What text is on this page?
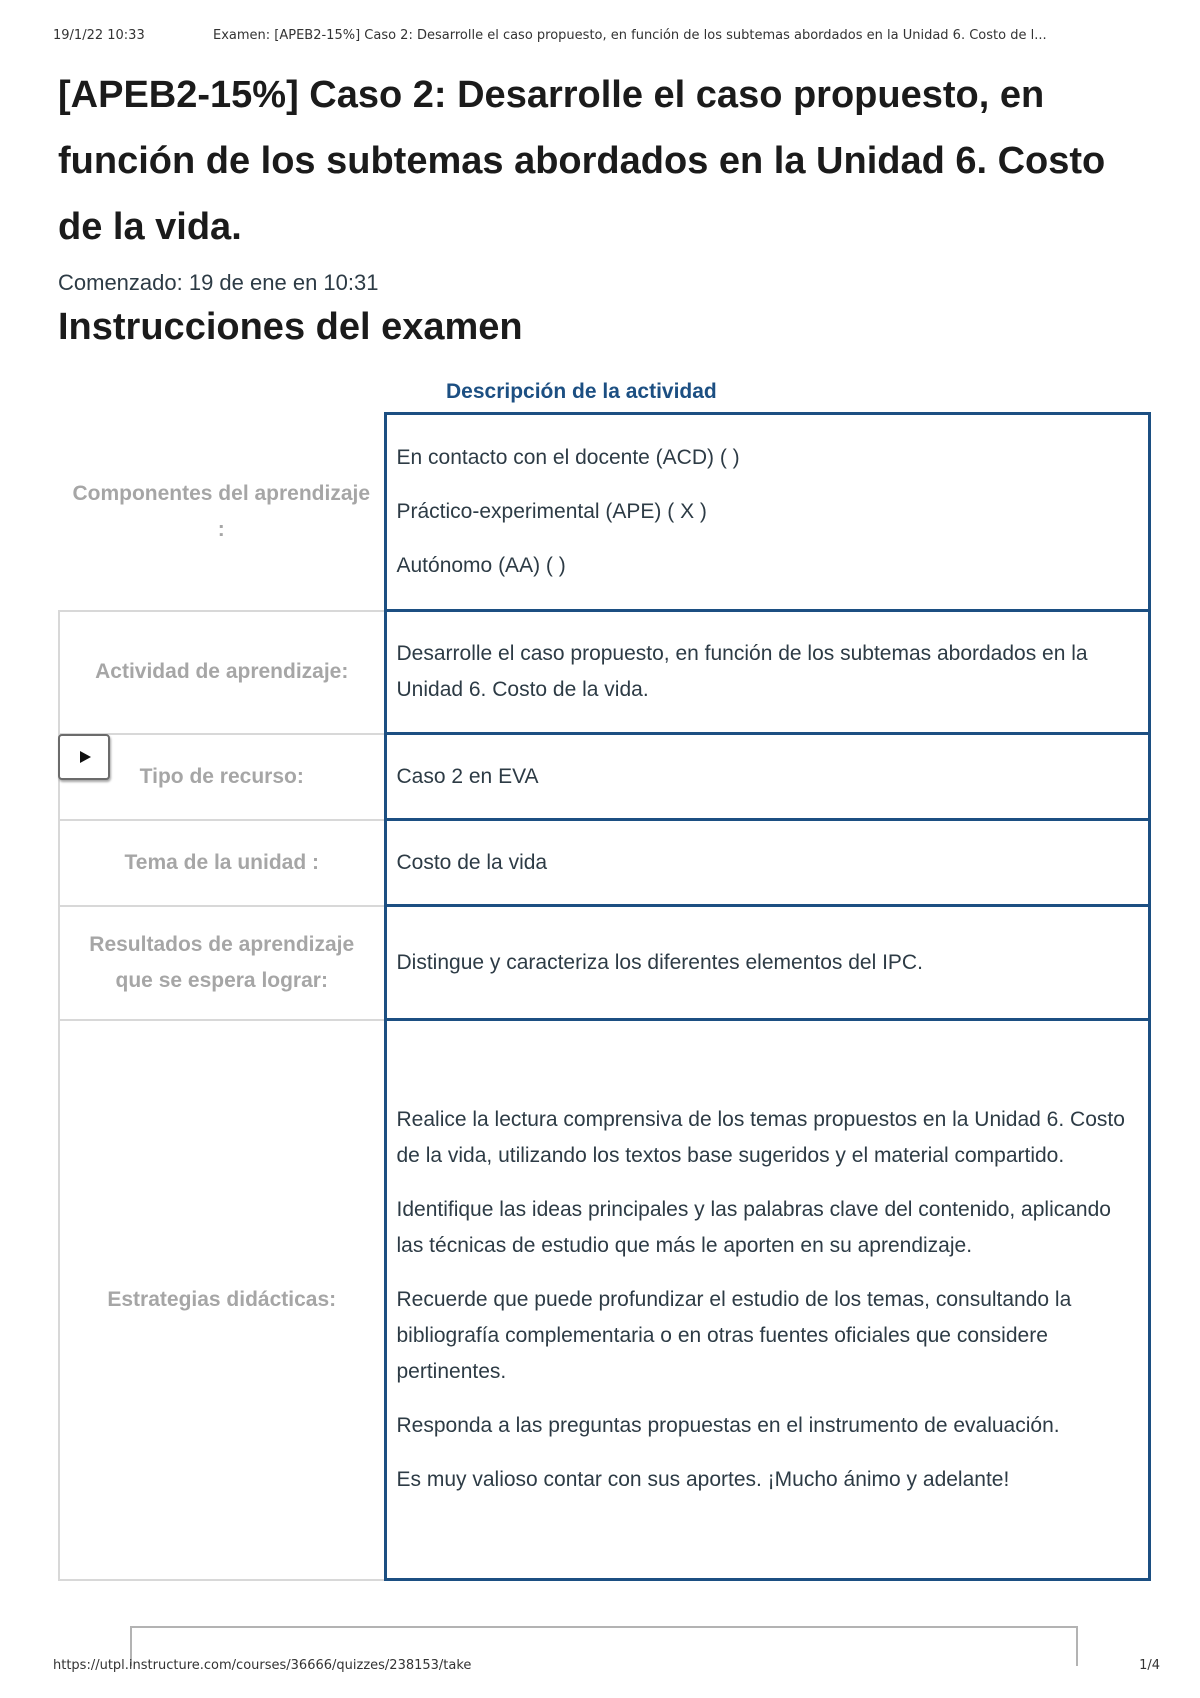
19/1/22 10:33	Examen: [APEB2-15%] Caso 2: Desarrolle el caso propuesto, en función de los subtemas abordados en la Unidad 6. Costo de l...
[APEB2-15%] Caso 2: Desarrolle el caso propuesto, en función de los subtemas abordados en la Unidad 6. Costo de la vida.
Comenzado: 19 de ene en 10:31
Instrucciones del examen
Descripción de la actividad
Componentes del aprendizaje :	En contacto con el docente (ACD) ( )

Práctico-experimental (APE) ( X )

Autónomo (AA) ( )

Actividad de aprendizaje:	Desarrolle el caso propuesto, en función de los subtemas abordados en la Unidad 6. Costo de la vida.
Tipo de recurso:	Caso 2 en EVA
Tema de la unidad :	Costo de la vida
Resultados de aprendizaje que se espera lograr:	Distingue y caracteriza los diferentes elementos del IPC.
Estrategias didácticas:	Realice la lectura comprensiva de los temas propuestos en la Unidad 6. Costo de la vida, utilizando los textos base sugeridos y el material compartido.

Identifique las ideas principales y las palabras clave del contenido, aplicando las técnicas de estudio que más le aporten en su aprendizaje.

Recuerde que puede profundizar el estudio de los temas, consultando la bibliografía complementaria o en otras fuentes oficiales que considere pertinentes.

Responda a las preguntas propuestas en el instrumento de evaluación.

Es muy valioso contar con sus aportes. ¡Mucho ánimo y adelante!

https://utpl.instructure.com/courses/36666/quizzes/238153/take	1/4
